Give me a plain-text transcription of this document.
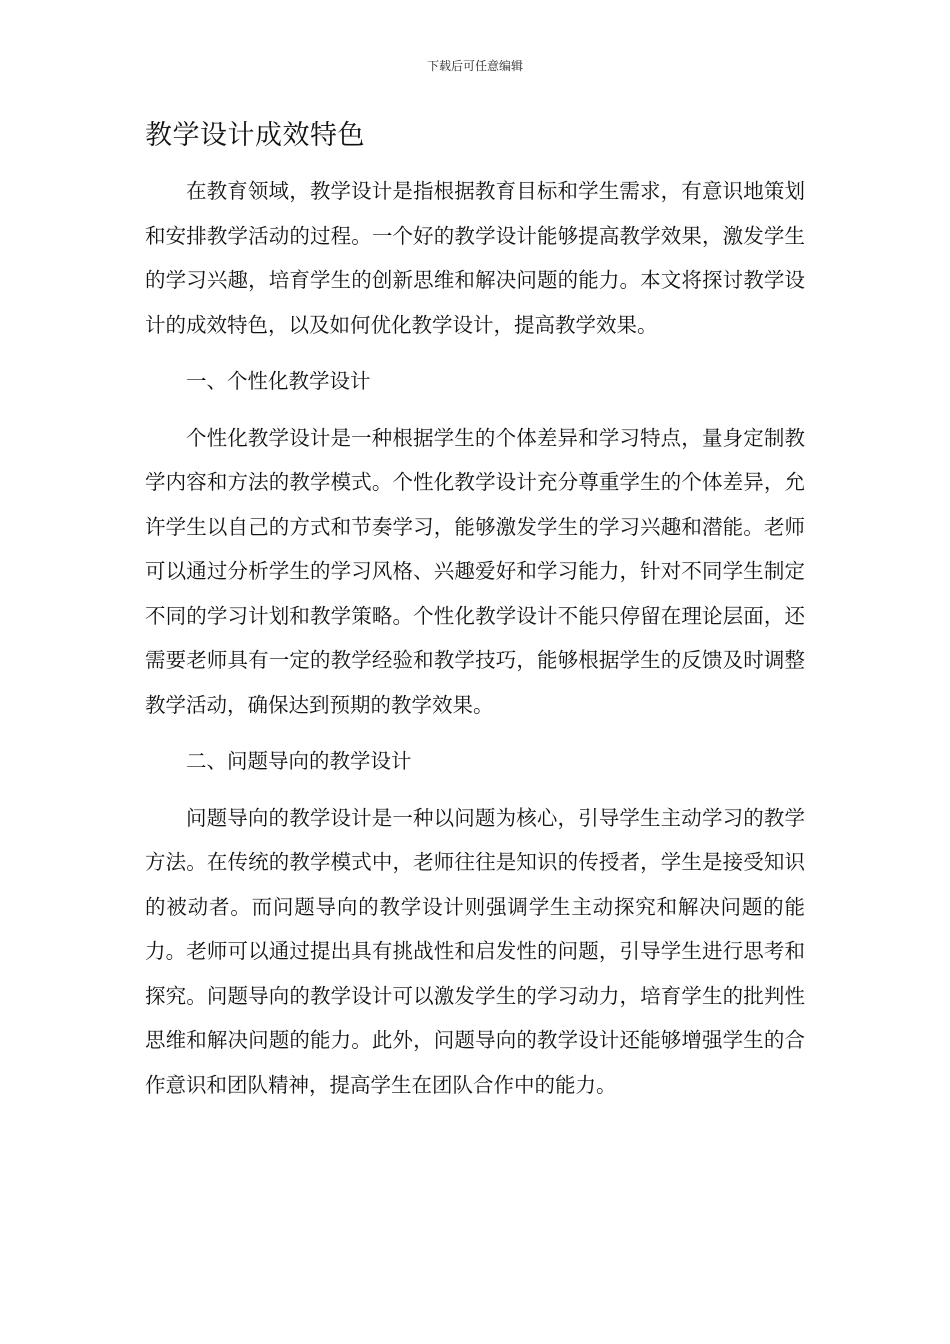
下载后可任意编辑
教学设计成效特色

在教育领域，教学设计是指根据教育目标和学生需求，有意识地策划和安排教学活动的过程。一个好的教学设计能够提高教学效果，激发学生的学习兴趣，培育学生的创新思维和解决问题的能力。本文将探讨教学设计的成效特色，以及如何优化教学设计，提高教学效果。

一、个性化教学设计

个性化教学设计是一种根据学生的个体差异和学习特点，量身定制教学内容和方法的教学模式。个性化教学设计充分尊重学生的个体差异，允许学生以自己的方式和节奏学习，能够激发学生的学习兴趣和潜能。老师可以通过分析学生的学习风格、兴趣爱好和学习能力，针对不同学生制定不同的学习计划和教学策略。个性化教学设计不能只停留在理论层面，还需要老师具有一定的教学经验和教学技巧，能够根据学生的反馈及时调整教学活动，确保达到预期的教学效果。

二、问题导向的教学设计

问题导向的教学设计是一种以问题为核心，引导学生主动学习的教学方法。在传统的教学模式中，老师往往是知识的传授者，学生是接受知识的被动者。而问题导向的教学设计则强调学生主动探究和解决问题的能力。老师可以通过提出具有挑战性和启发性的问题，引导学生进行思考和探究。问题导向的教学设计可以激发学生的学习动力，培育学生的批判性思维和解决问题的能力。此外，问题导向的教学设计还能够增强学生的合作意识和团队精神，提高学生在团队合作中的能力。
